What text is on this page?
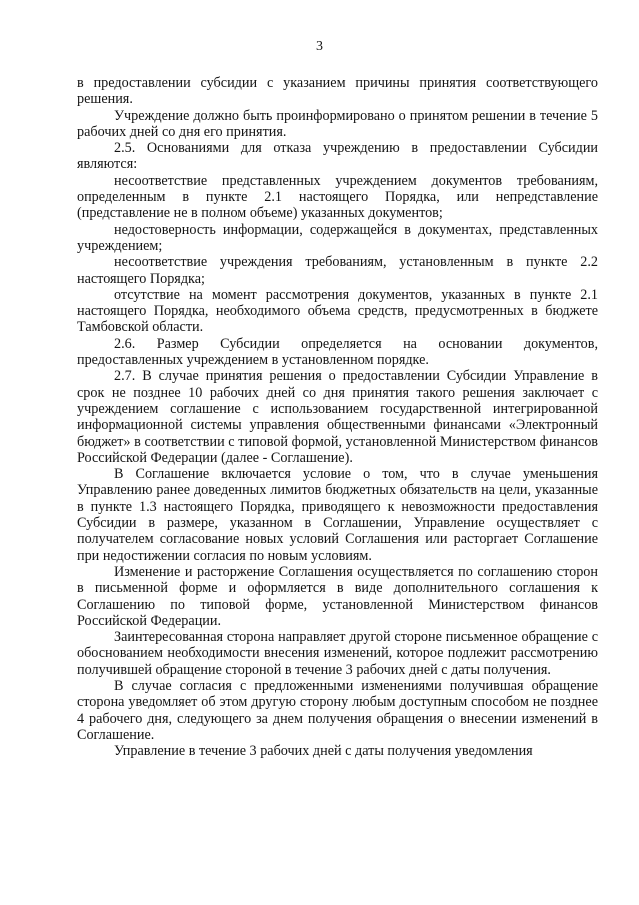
3

в предоставлении субсидии с указанием причины принятия соответствующего решения.

Учреждение должно быть проинформировано о принятом решении в течение 5 рабочих дней со дня его принятия.

2.5. Основаниями для отказа учреждению в предоставлении Субсидии являются:

несоответствие представленных учреждением документов требованиям, определенным в пункте 2.1 настоящего Порядка, или непредставление (представление не в полном объеме) указанных документов;

недостоверность информации, содержащейся в документах, представленных учреждением;

несоответствие учреждения требованиям, установленным в пункте 2.2 настоящего Порядка;

отсутствие на момент рассмотрения документов, указанных в пункте 2.1 настоящего Порядка, необходимого объема средств, предусмотренных в бюджете Тамбовской области.

2.6. Размер Субсидии определяется на основании документов, предоставленных учреждением в установленном порядке.

2.7. В случае принятия решения о предоставлении Субсидии Управление в срок не позднее 10 рабочих дней со дня принятия такого решения заключает с учреждением соглашение с использованием государственной интегрированной информационной системы управления общественными финансами «Электронный бюджет» в соответствии с типовой формой, установленной Министерством финансов Российской Федерации (далее - Соглашение).

В Соглашение включается условие о том, что в случае уменьшения Управлению ранее доведенных лимитов бюджетных обязательств на цели, указанные в пункте 1.3 настоящего Порядка, приводящего к невозможности предоставления Субсидии в размере, указанном в Соглашении, Управление осуществляет с получателем согласование новых условий Соглашения или расторгает Соглашение при недостижении согласия по новым условиям.

Изменение и расторжение Соглашения осуществляется по соглашению сторон в письменной форме и оформляется в виде дополнительного соглашения к Соглашению по типовой форме, установленной Министерством финансов Российской Федерации.

Заинтересованная сторона направляет другой стороне письменное обращение с обоснованием необходимости внесения изменений, которое подлежит рассмотрению получившей обращение стороной в течение 3 рабочих дней с даты получения.

В случае согласия с предложенными изменениями получившая обращение сторона уведомляет об этом другую сторону любым доступным способом не позднее 4 рабочего дня, следующего за днем получения обращения о внесении изменений в Соглашение.

Управление в течение 3 рабочих дней с даты получения уведомления
